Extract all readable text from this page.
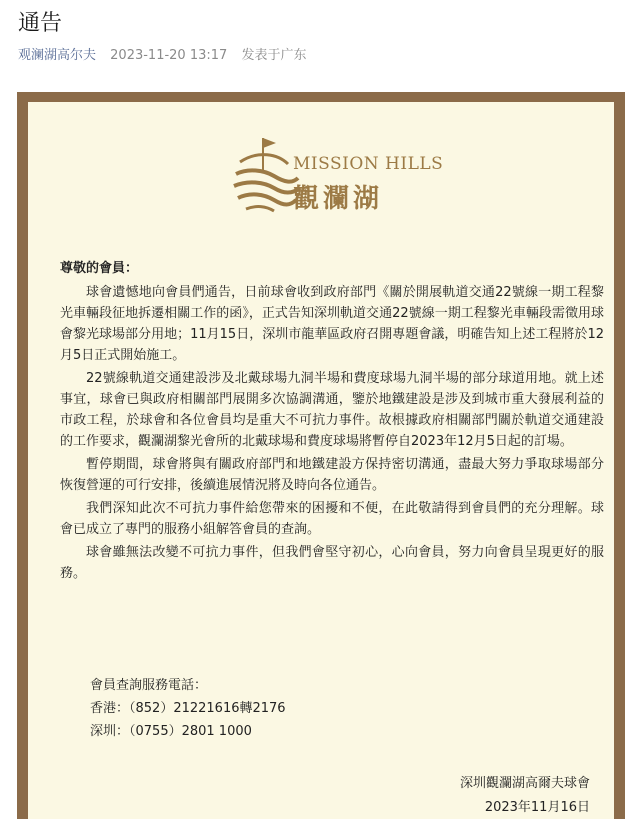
通告
观澜湖高尔夫 2023-11-20 13:17 发表于广东
MISSION HILLS
觀瀾湖
尊敬的會員：

球會遺憾地向會員們通告，日前球會收到政府部門《關於開展軌道交通22號線一期工程黎光車輛段征地拆遷相關工作的函》，正式告知深圳軌道交通22號線一期工程黎光車輛段需徵用球會黎光球場部分用地；11月15日，深圳市龍華區政府召開專題會議，明確告知上述工程將於12月5日正式開始施工。

22號線軌道交通建設涉及北戴球場九洞半場和費度球場九洞半場的部分球道用地。就上述事宜，球會已與政府相關部門展開多次協調溝通，鑒於地鐵建設是涉及到城市重大發展利益的市政工程，於球會和各位會員均是重大不可抗力事件。故根據政府相關部門關於軌道交通建設的工作要求，觀瀾湖黎光會所的北戴球場和費度球場將暫停自2023年12月5日起的訂場。

暫停期間，球會將與有關政府部門和地鐵建設方保持密切溝通，盡最大努力爭取球場部分恢復營運的可行安排，後續進展情況將及時向各位通告。

我們深知此次不可抗力事件給您帶來的困擾和不便，在此敬請得到會員們的充分理解。球會已成立了專門的服務小組解答會員的查詢。

球會雖無法改變不可抗力事件，但我們會堅守初心，心向會員，努力向會員呈現更好的服務。

會員查詢服務電話：
香港：（852）21221616轉2176
深圳：（0755）2801 1000
深圳觀瀾湖高爾夫球會
2023年11月16日
